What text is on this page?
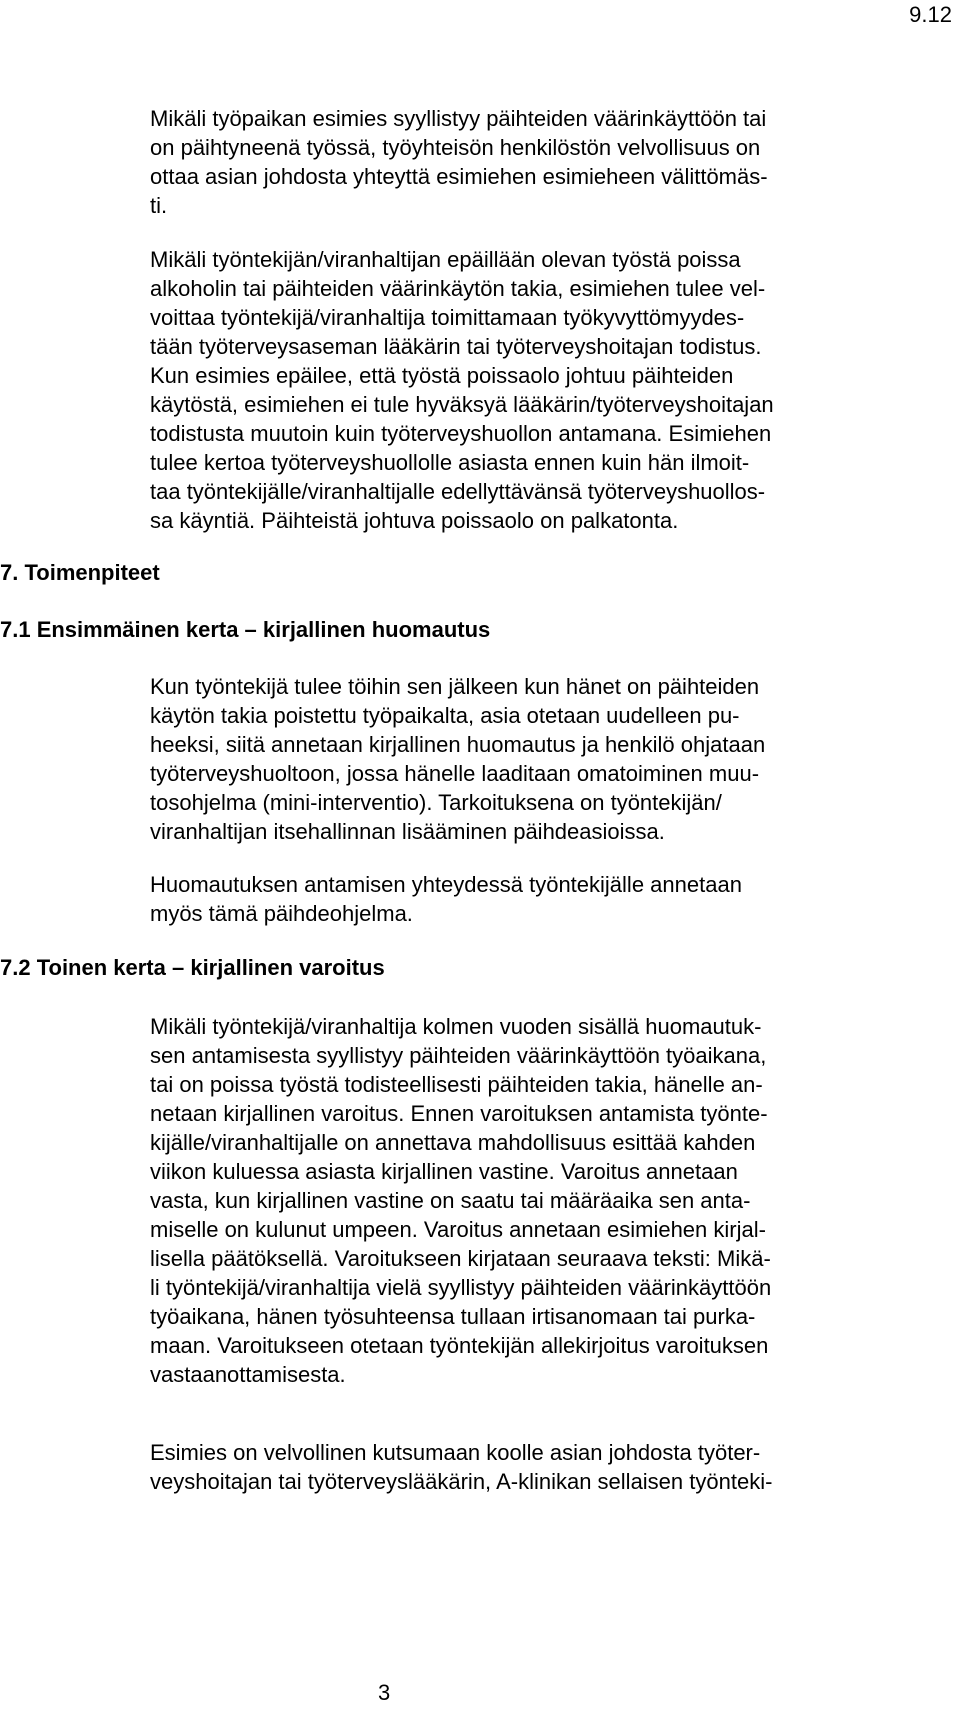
9.12
Mikäli työpaikan esimies syyllistyy päihteiden väärinkäyttöön tai
on päihtyneenä työssä, työyhteisön henkilöstön velvollisuus on
ottaa asian johdosta yhteyttä esimiehen esimieheen välittömäs-
ti.
Mikäli työntekijän/viranhaltijan epäillään olevan työstä poissa
alkoholin tai päihteiden väärinkäytön takia, esimiehen tulee vel-
voittaa työntekijä/viranhaltija toimittamaan työkyvyttömyydes-
tään työterveysaseman lääkärin tai työterveyshoitajan todistus.
Kun esimies epäilee, että työstä poissaolo johtuu päihteiden
käytöstä, esimiehen ei tule hyväksyä lääkärin/työterveyshoitajan
todistusta muutoin kuin työterveyshuollon antamana. Esimiehen
tulee kertoa työterveyshuollolle asiasta ennen kuin hän ilmoit-
taa työntekijälle/viranhaltijalle edellyttävänsä työterveyshuollos-
sa käyntiä. Päihteistä johtuva poissaolo on palkatonta.
7. Toimenpiteet
7.1 Ensimmäinen kerta – kirjallinen huomautus
Kun työntekijä tulee töihin sen jälkeen kun hänet on päihteiden
käytön takia poistettu työpaikalta, asia otetaan uudelleen pu-
heeksi, siitä annetaan kirjallinen huomautus ja henkilö ohjataan
työterveyshuoltoon, jossa hänelle laaditaan omatoiminen muu-
tosohjelma (mini-interventio). Tarkoituksena on työntekijän/
viranhaltijan itsehallinnan lisääminen päihdeasioissa.
Huomautuksen antamisen yhteydessä työntekijälle annetaan
myös tämä päihdeohjelma.
7.2 Toinen kerta – kirjallinen varoitus
Mikäli työntekijä/viranhaltija kolmen vuoden sisällä huomautuk-
sen antamisesta syyllistyy päihteiden väärinkäyttöön työaikana,
tai on poissa työstä todisteellisesti päihteiden takia, hänelle an-
netaan kirjallinen varoitus. Ennen varoituksen antamista työnte-
kijälle/viranhaltijalle on annettava mahdollisuus esittää kahden
viikon kuluessa asiasta kirjallinen vastine. Varoitus annetaan
vasta, kun kirjallinen vastine on saatu tai määräaika sen anta-
miselle on kulunut umpeen. Varoitus annetaan esimiehen kirjal-
lisella päätöksellä. Varoitukseen kirjataan seuraava teksti: Mikä-
li työntekijä/viranhaltija vielä syyllistyy päihteiden väärinkäyttöön
työaikana, hänen työsuhteensa tullaan irtisanomaan tai purka-
maan. Varoitukseen otetaan työntekijän allekirjoitus varoituksen
vastaanottamisesta.
Esimies on velvollinen kutsumaan koolle asian johdosta työter-
veyshoitajan tai työterveyslääkärin, A-klinikan sellaisen työnteki-
3
